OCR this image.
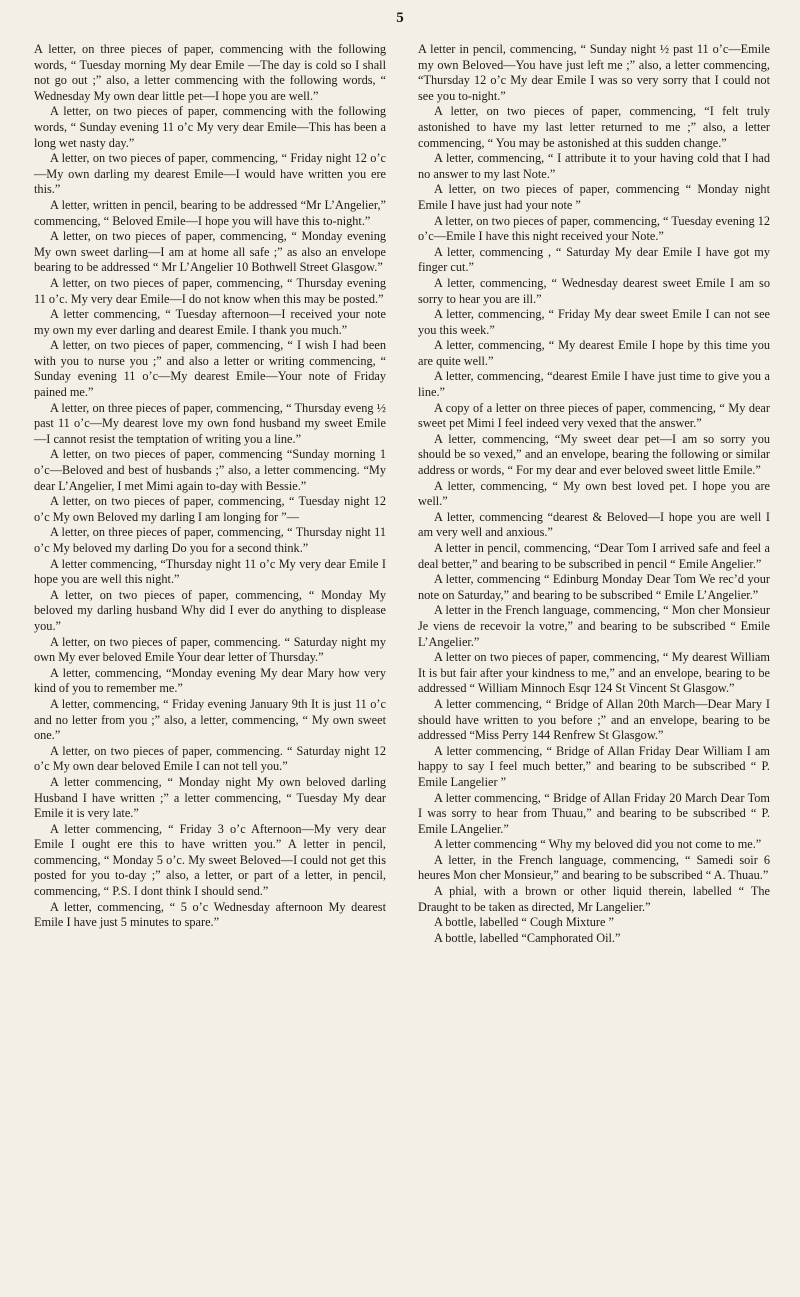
5

A letter, on three pieces of paper, commencing with the following words, “ Tuesday morning My dear Emile —The day is cold so I shall not go out ;” also, a letter commencing with the following words, “ Wednesday My own dear little pet—I hope you are well.”

A letter, on two pieces of paper, commencing with the following words, “ Sunday evening 11 o’c My very dear Emile—This has been a long wet nasty day.”

A letter, on two pieces of paper, commencing, “ Friday night 12 o’c—My own darling my dearest Emile—I would have written you ere this.”

A letter, written in pencil, bearing to be addressed “Mr L’Angelier,” commencing, “ Beloved Emile—I hope you will have this to-night.”

A letter, on two pieces of paper, commencing, “ Monday evening My own sweet darling—I am at home all safe ;” as also an envelope bearing to be addressed “ Mr L’Angelier 10 Bothwell Street Glasgow.”

A letter, on two pieces of paper, commencing, “ Thursday evening 11 o’c. My very dear Emile—I do not know when this may be posted.”

A letter commencing, “ Tuesday afternoon—I received your note my own my ever darling and dearest Emile. I thank you much.”

A letter, on two pieces of paper, commencing, “ I wish I had been with you to nurse you ;” and also a letter or writing commencing, “ Sunday evening 11 o’c—My dearest Emile—Your note of Friday pained me.”

A letter, on three pieces of paper, commencing, “ Thursday eveng ½ past 11 o’c—My dearest love my own fond husband my sweet Emile—I cannot resist the temptation of writing you a line.”

A letter, on two pieces of paper, commencing “Sunday morning 1 o’c—Beloved and best of husbands ;” also, a letter commencing. “My dear L’Angelier, I met Mimi again to-day with Bessie.”

A letter, on two pieces of paper, commencing, “ Tuesday night 12 o’c My own Beloved my darling I am longing for ”—

A letter, on three pieces of paper, commencing, “ Thursday night 11 o’c My beloved my darling Do you for a second think.”

A letter commencing, “Thursday night 11 o’c My very dear Emile I hope you are well this night.”

A letter, on two pieces of paper, commencing, “ Monday My beloved my darling husband Why did I ever do anything to displease you.”

A letter, on two pieces of paper, commencing. “ Saturday night my own My ever beloved Emile Your dear letter of Thursday.”

A letter, commencing, “Monday evening My dear Mary how very kind of you to remember me.”

A letter, commencing, “ Friday evening January 9th It is just 11 o’c and no letter from you ;” also, a letter, commencing, “ My own sweet one.”

A letter, on two pieces of paper, commencing. “ Saturday night 12 o’c My own dear beloved Emile I can not tell you.”

A letter commencing, “ Monday night My own beloved darling Husband I have written ;” a letter commencing, “ Tuesday My dear Emile it is very late.”

A letter commencing, “ Friday 3 o’c Afternoon—My very dear Emile I ought ere this to have written you.” A letter in pencil, commencing, “ Monday 5 o’c. My sweet Beloved—I could not get this posted for you to-day ;” also, a letter, or part of a letter, in pencil, commencing, “ P.S. I dont think I should send.”

A letter, commencing, “ 5 o’c Wednesday afternoon My dearest Emile I have just 5 minutes to spare.”

A letter in pencil, commencing, “ Sunday night ½ past 11 o’c—Emile my own Beloved—You have just left me ;” also, a letter commencing, “Thursday 12 o’c My dear Emile I was so very sorry that I could not see you to-night.”

A letter, on two pieces of paper, commencing, “I felt truly astonished to have my last letter returned to me ;” also, a letter commencing, “ You may be astonished at this sudden change.”

A letter, commencing, “ I attribute it to your having cold that I had no answer to my last Note.”

A letter, on two pieces of paper, commencing “ Monday night Emile I have just had your note ”

A letter, on two pieces of paper, commencing, “ Tuesday evening 12 o’c—Emile I have this night received your Note.”

A letter, commencing , “ Saturday My dear Emile I have got my finger cut.”

A letter, commencing, “ Wednesday dearest sweet Emile I am so sorry to hear you are ill.”

A letter, commencing, “ Friday My dear sweet Emile I can not see you this week.”

A letter, commencing, “ My dearest Emile I hope by this time you are quite well.”

A letter, commencing, “dearest Emile I have just time to give you a line.”

A copy of a letter on three pieces of paper, commencing, “ My dear sweet pet Mimi I feel indeed very vexed that the answer.”

A letter, commencing, “My sweet dear pet—I am so sorry you should be so vexed,” and an envelope, bearing the following or similar address or words, “ For my dear and ever beloved sweet little Emile.”

A letter, commencing, “ My own best loved pet. I hope you are well.”

A letter, commencing “dearest & Beloved—I hope you are well I am very well and anxious.”

A letter in pencil, commencing, “Dear Tom I arrived safe and feel a deal better,” and bearing to be subscribed in pencil “ Emile Angelier.”

A letter, commencing “ Edinburg Monday Dear Tom We rec’d your note on Saturday,” and bearing to be subscribed “ Emile L’Angelier.”

A letter in the French language, commencing, “ Mon cher Monsieur Je viens de recevoir la votre,” and bearing to be subscribed “ Emile L’Angelier.”

A letter on two pieces of paper, commencing, “ My dearest William It is but fair after your kindness to me,” and an envelope, bearing to be addressed “ William Minnoch Esqr 124 St Vincent St Glasgow.”

A letter commencing, “ Bridge of Allan 20th March—Dear Mary I should have written to you before ;” and an envelope, bearing to be addressed “Miss Perry 144 Renfrew St Glasgow.”

A letter commencing, “ Bridge of Allan Friday Dear William I am happy to say I feel much better,” and bearing to be subscribed “ P. Emile Langelier ”

A letter commencing, “ Bridge of Allan Friday 20 March Dear Tom I was sorry to hear from Thuau,” and bearing to be subscribed “ P. Emile LAngelier.”

A letter commencing “ Why my beloved did you not come to me.”

A letter, in the French language, commencing, “ Samedi soir 6 heures Mon cher Monsieur,” and bearing to be subscribed “ A. Thuau.”

A phial, with a brown or other liquid therein, labelled “ The Draught to be taken as directed, Mr Langelier.”

A bottle, labelled “ Cough Mixture ”

A bottle, labelled “Camphorated Oil.”
